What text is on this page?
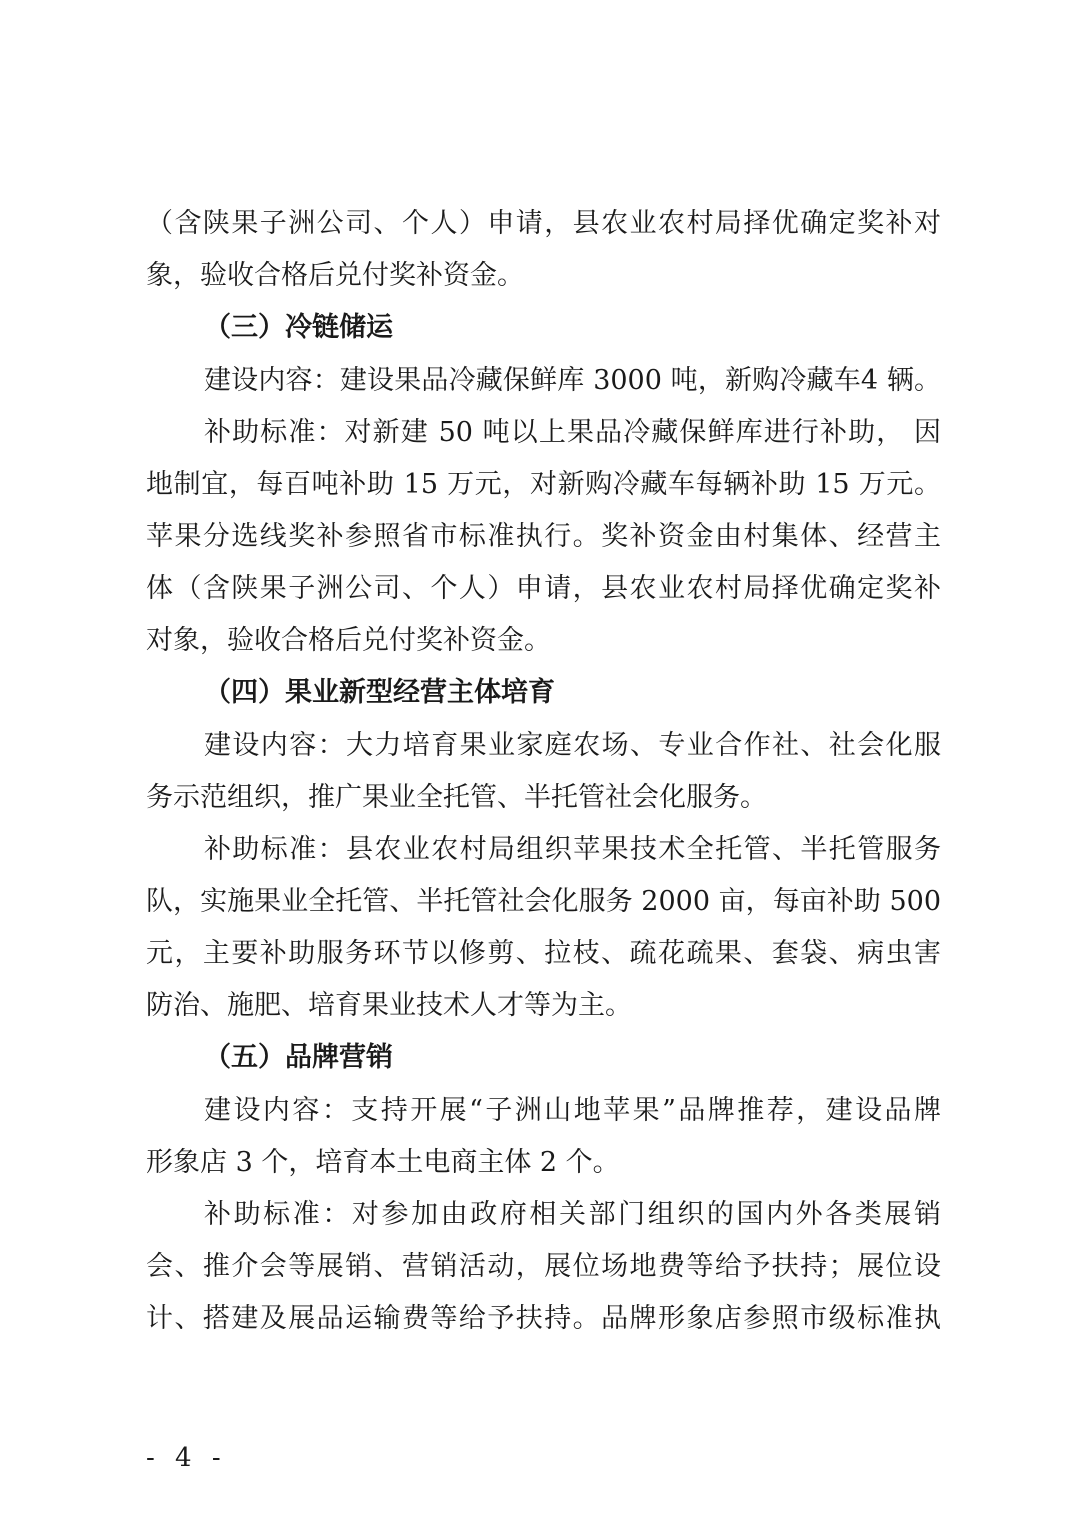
（含陕果子洲公司、个人）申请，县农业农村局择优确定奖补对
象，验收合格后兑付奖补资金。
（三）冷链储运
建设内容：建设果品冷藏保鲜库 3000 吨，新购冷藏车4 辆。
补助标准：对新建 50 吨以上果品冷藏保鲜库进行补助， 因
地制宜，每百吨补助 15 万元，对新购冷藏车每辆补助 15 万元。
苹果分选线奖补参照省市标准执行。奖补资金由村集体、经营主
体（含陕果子洲公司、个人）申请，县农业农村局择优确定奖补
对象，验收合格后兑付奖补资金。
（四）果业新型经营主体培育
建设内容：大力培育果业家庭农场、专业合作社、社会化服
务示范组织，推广果业全托管、半托管社会化服务。
补助标准：县农业农村局组织苹果技术全托管、半托管服务
队，实施果业全托管、半托管社会化服务 2000 亩，每亩补助 500
元，主要补助服务环节以修剪、拉枝、疏花疏果、套袋、病虫害
防治、施肥、培育果业技术人才等为主。
（五）品牌营销
建设内容：支持开展“子洲山地苹果”品牌推荐，建设品牌
形象店 3 个，培育本土电商主体 2 个。
补助标准：对参加由政府相关部门组织的国内外各类展销
会、推介会等展销、营销活动，展位场地费等给予扶持；展位设
计、搭建及展品运输费等给予扶持。品牌形象店参照市级标准执
- 4 -
